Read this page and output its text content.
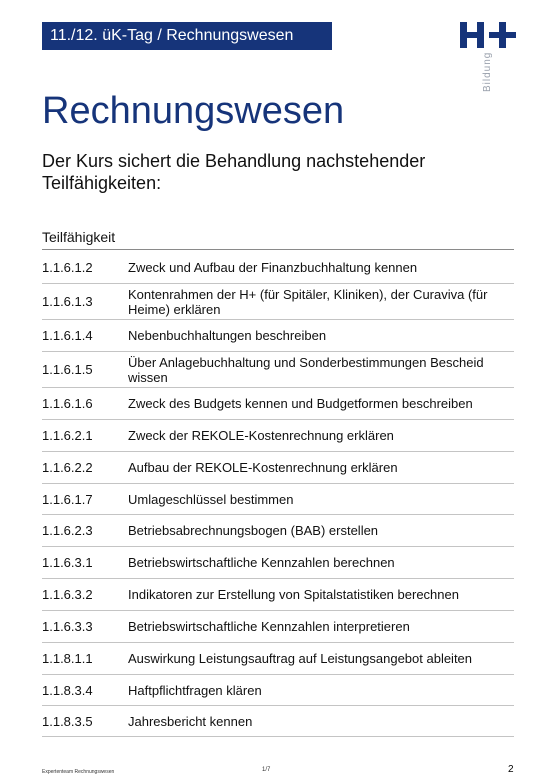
11./12. üK-Tag / Rechnungswesen
Bildung
Rechnungswesen
Der Kurs sichert die Behandlung nachstehender Teilfähigkeiten:
Teilfähigkeit
1.1.6.1.2	Zweck und Aufbau der Finanzbuchhaltung kennen
1.1.6.1.3	Kontenrahmen der H+ (für Spitäler, Kliniken), der Curaviva (für Heime) erklären
1.1.6.1.4	Nebenbuchhaltungen beschreiben
1.1.6.1.5	Über Anlagebuchhaltung und Sonderbestimmungen Bescheid wissen
1.1.6.1.6	Zweck des Budgets kennen und Budgetformen beschreiben
1.1.6.2.1	Zweck der REKOLE-Kostenrechnung erklären
1.1.6.2.2	Aufbau der REKOLE-Kostenrechnung erklären
1.1.6.1.7	Umlageschlüssel bestimmen
1.1.6.2.3	Betriebsabrechnungsbogen (BAB) erstellen
1.1.6.3.1	Betriebswirtschaftliche Kennzahlen berechnen
1.1.6.3.2	Indikatoren zur Erstellung von Spitalstatistiken berechnen
1.1.6.3.3	Betriebswirtschaftliche Kennzahlen interpretieren
1.1.8.1.1	Auswirkung Leistungsauftrag auf Leistungsangebot ableiten
1.1.8.3.4	Haftpflichtfragen klären
1.1.8.3.5	Jahresbericht kennen
Expertenteam Rechnungswesen	1/7	2
